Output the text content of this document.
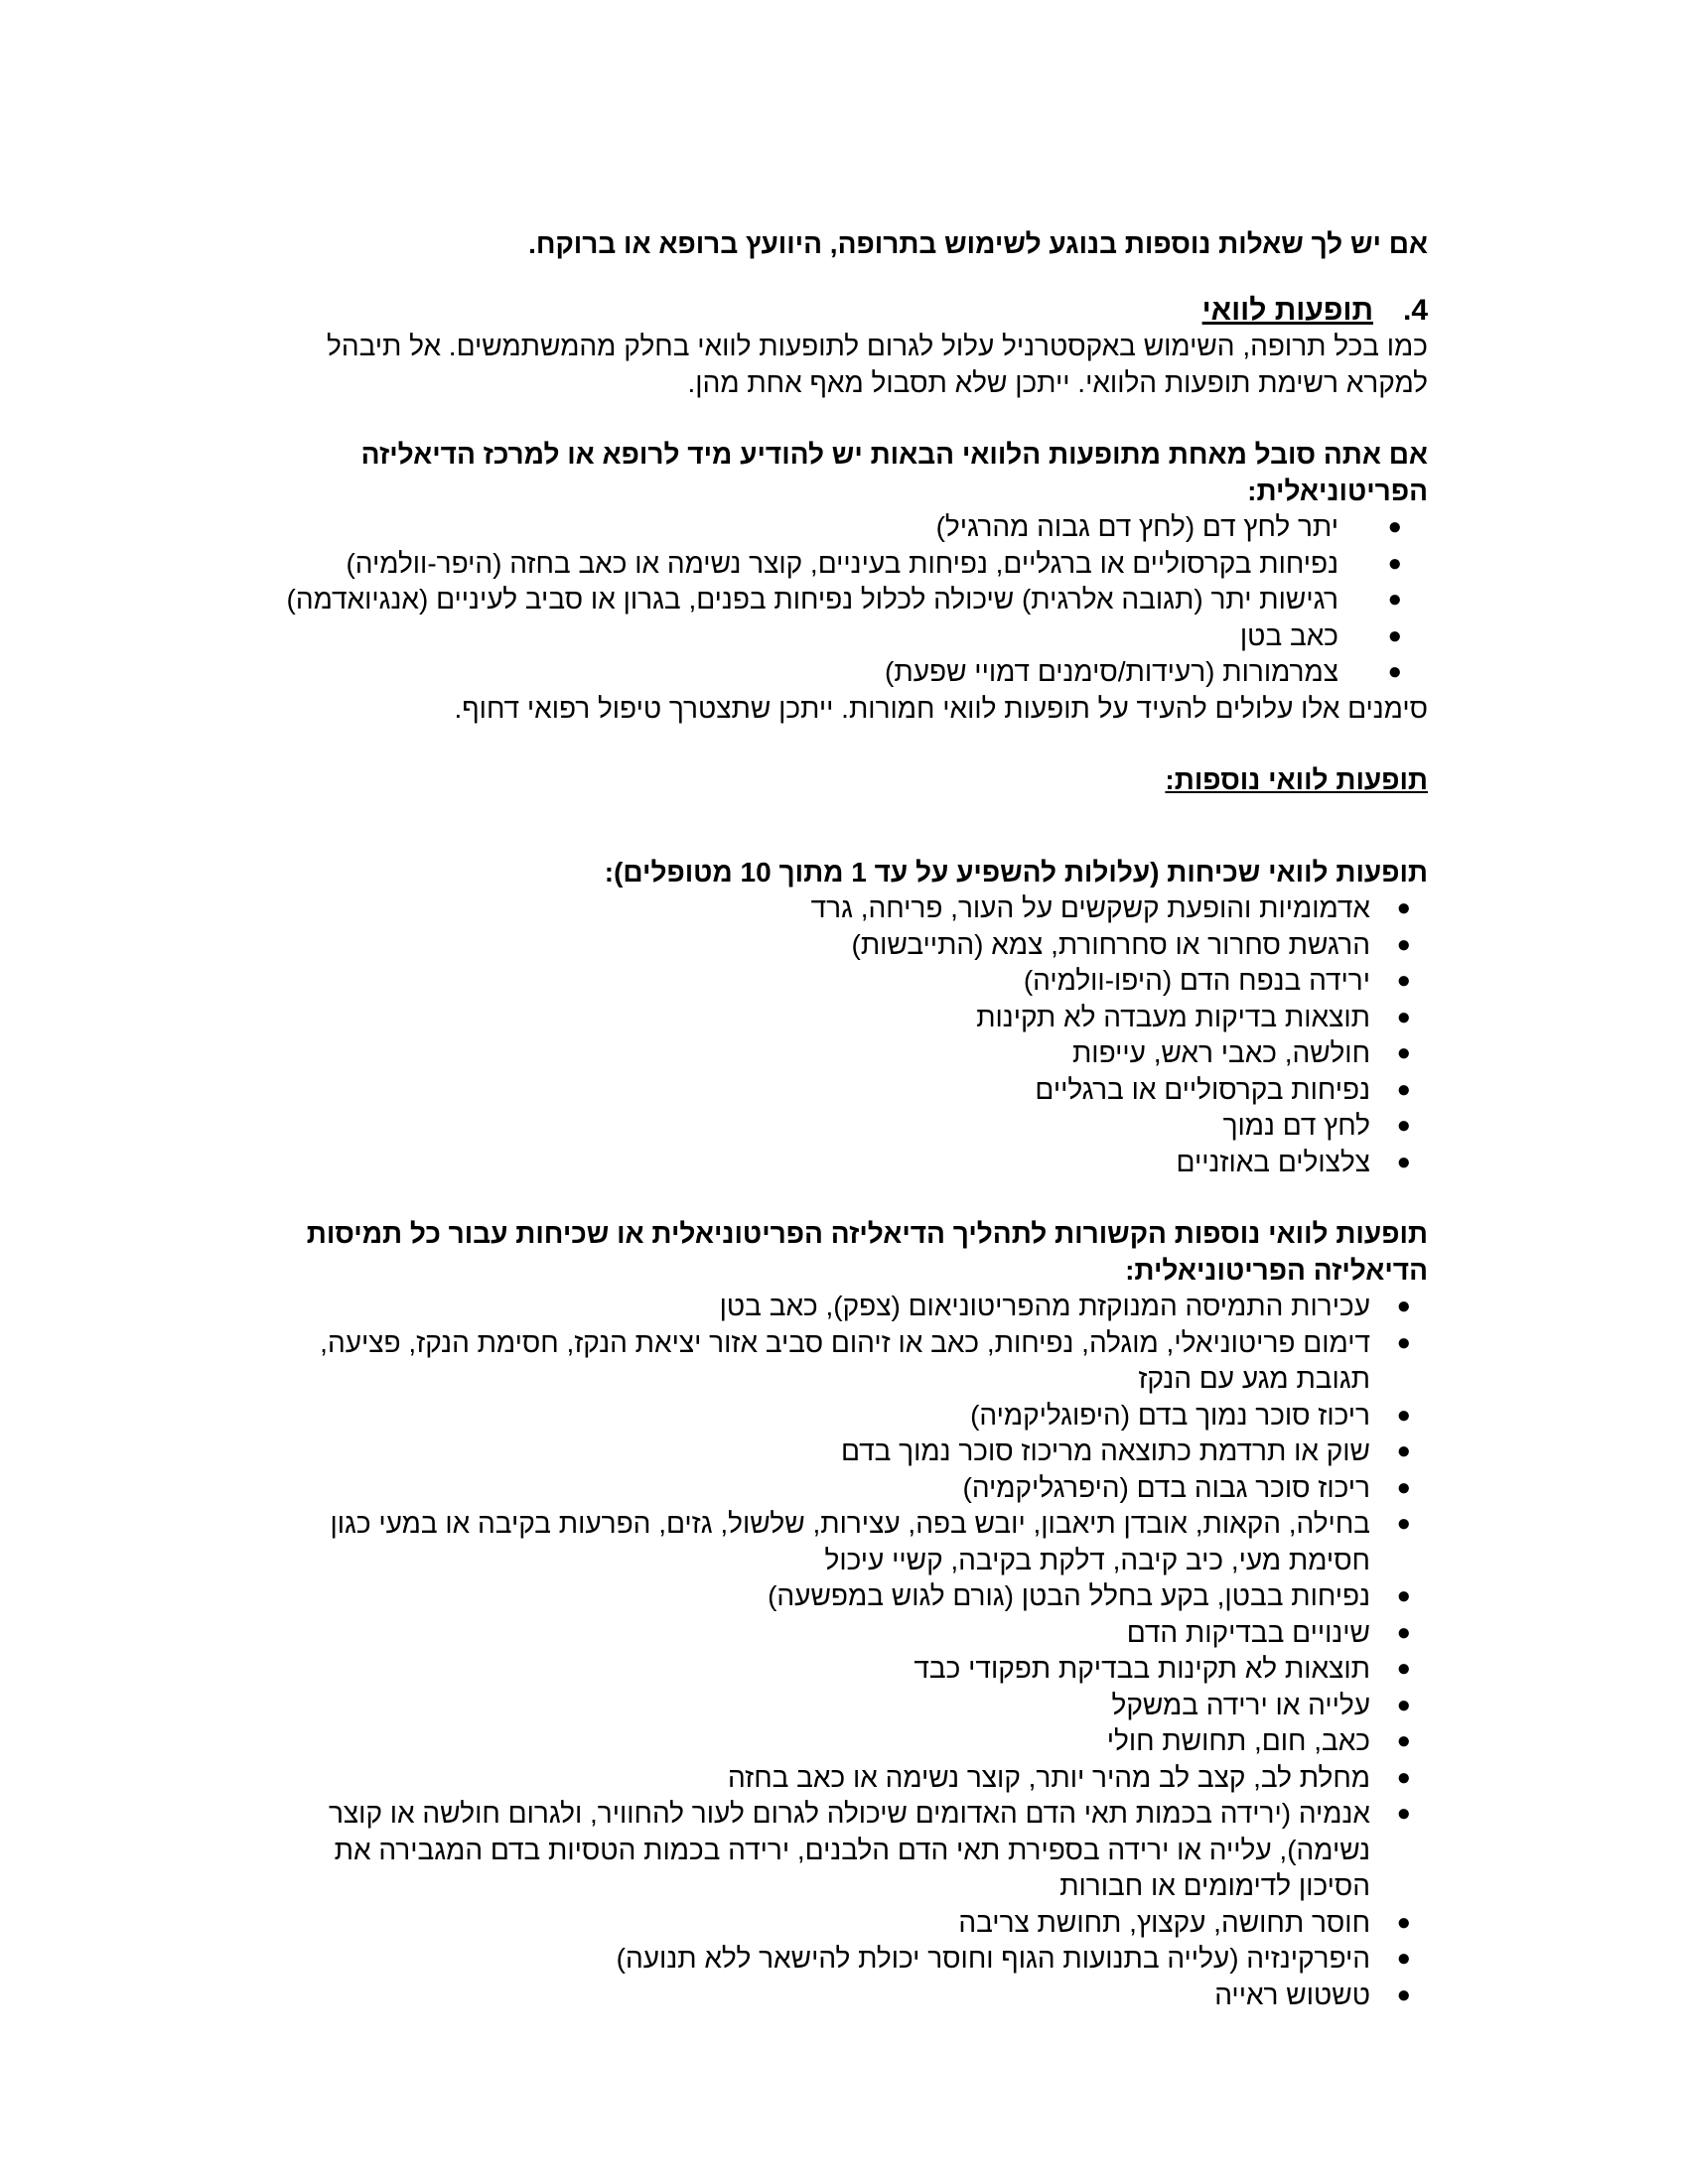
אם יש לך שאלות נוספות בנוגע לשימוש בתרופה, היוועץ ברופא או ברוקח.

4.
תופעות לוואי

כמו בכל תרופה, השימוש באקסטרניל עלול לגרום לתופעות לוואי בחלק מהמשתמשים. אל תיבהל למקרא רשימת תופעות הלוואי. ייתכן שלא תסבול מאף אחת מהן.

אם אתה סובל מאחת מתופעות הלוואי הבאות יש להודיע מיד לרופא או למרכז הדיאליזה הפריטוניאלית:

●
יתר לחץ דם (לחץ דם גבוה מהרגיל)
●
נפיחות בקרסוליים או ברגליים, נפיחות בעיניים, קוצר נשימה או כאב בחזה (היפר-וולמיה)
●
רגישות יתר (תגובה אלרגית) שיכולה לכלול נפיחות בפנים, בגרון או סביב לעיניים (אנגיואדמה)
●
כאב בטן
●
צמרמורות (רעידות/סימנים דמויי שפעת)

סימנים אלו עלולים להעיד על תופעות לוואי חמורות. ייתכן שתצטרך טיפול רפואי דחוף.

תופעות לוואי נוספות:

תופעות לוואי שכיחות (עלולות להשפיע על עד 1 מתוך 10 מטופלים):

●
אדמומיות והופעת קשקשים על העור, פריחה, גרד
●
הרגשת סחרור או סחרחורת, צמא (התייבשות)
●
ירידה בנפח הדם (היפו-וולמיה)
●
תוצאות בדיקות מעבדה לא תקינות
●
חולשה, כאבי ראש, עייפות
●
נפיחות בקרסוליים או ברגליים
●
לחץ דם נמוך
●
צלצולים באוזניים

תופעות לוואי נוספות הקשורות לתהליך הדיאליזה הפריטוניאלית או שכיחות עבור כל תמיסות הדיאליזה הפריטוניאלית:

●
עכירות התמיסה המנוקזת מהפריטוניאום (צפק), כאב בטן
●
דימום פריטוניאלי, מוגלה, נפיחות, כאב או זיהום סביב אזור יציאת הנקז, חסימת הנקז, פציעה, תגובת מגע עם הנקז
●
ריכוז סוכר נמוך בדם (היפוגליקמיה)
●
שוק או תרדמת כתוצאה מריכוז סוכר נמוך בדם
●
ריכוז סוכר גבוה בדם (היפרגליקמיה)
●
בחילה, הקאות, אובדן תיאבון, יובש בפה, עצירות, שלשול, גזים, הפרעות בקיבה או במעי כגון חסימת מעי, כיב קיבה, דלקת בקיבה, קשיי עיכול
●
נפיחות בבטן, בקע בחלל הבטן (גורם לגוש במפשעה)
●
שינויים בבדיקות הדם
●
תוצאות לא תקינות בבדיקת תפקודי כבד
●
עלייה או ירידה במשקל
●
כאב, חום, תחושת חולי
●
מחלת לב, קצב לב מהיר יותר, קוצר נשימה או כאב בחזה
●
אנמיה (ירידה בכמות תאי הדם האדומים שיכולה לגרום לעור להחוויר, ולגרום חולשה או קוצר נשימה), עלייה או ירידה בספירת תאי הדם הלבנים, ירידה בכמות הטסיות בדם המגבירה את הסיכון לדימומים או חבורות
●
חוסר תחושה, עקצוץ, תחושת צריבה
●
היפרקינזיה (עלייה בתנועות הגוף וחוסר יכולת להישאר ללא תנועה)
●
טשטוש ראייה
